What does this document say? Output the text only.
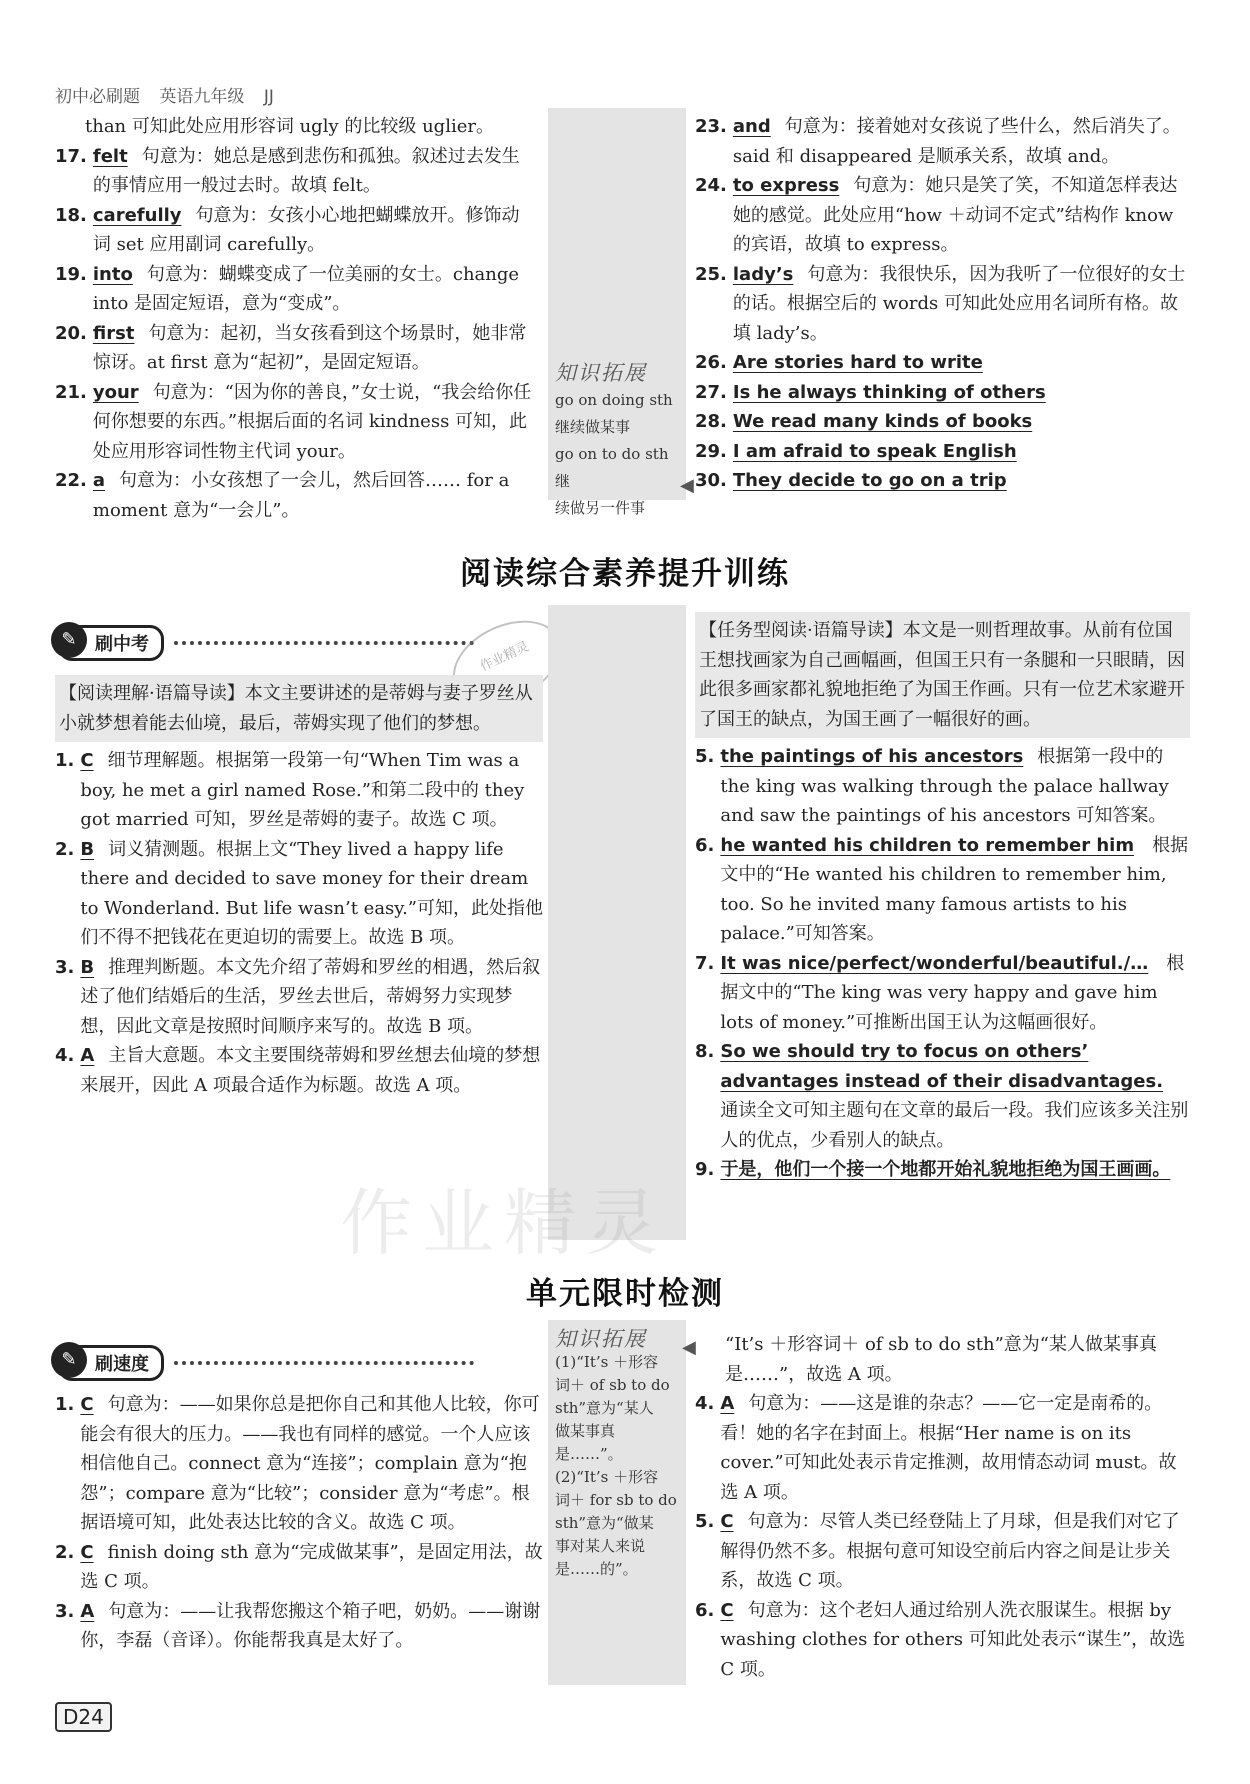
初中必刷题 英语九年级 JJ

than 可知此处应用形容词 ugly 的比较级 uglier。

17. felt 句意为：她总是感到悲伤和孤独。叙述过去发生的事情应用一般过去时。故填 felt。
18. carefully 句意为：女孩小心地把蝴蝶放开。修饰动词 set 应用副词 carefully。
19. into 句意为：蝴蝶变成了一位美丽的女士。change into 是固定短语，意为“变成”。
20. first 句意为：起初，当女孩看到这个场景时，她非常惊讶。at first 意为“起初”，是固定短语。
21. your 句意为：“因为你的善良，”女士说，“我会给你任何你想要的东西。”根据后面的名词 kindness 可知，此处应用形容词性物主代词 your。
22. a 句意为：小女孩想了一会儿，然后回答…… for a moment 意为“一会儿”。
知识拓展
go on doing sth
继续做某事
go on to do sth 继
续做另一件事
◀
23. and 句意为：接着她对女孩说了些什么，然后消失了。said 和 disappeared 是顺承关系，故填 and。
24. to express 句意为：她只是笑了笑，不知道怎样表达她的感觉。此处应用“how ＋动词不定式”结构作 know 的宾语，故填 to express。
25. lady’s 句意为：我很快乐，因为我听了一位很好的女士的话。根据空后的 words 可知此处应用名词所有格。故填 lady’s。
26. Are stories hard to write
27. Is he always thinking of others
28. We read many kinds of books
29. I am afraid to speak English
30. They decide to go on a trip
阅读综合素养提升训练
✎	刷中考	作业精灵

【阅读理解·语篇导读】本文主要讲述的是蒂姆与妻子罗丝从小就梦想着能去仙境，最后，蒂姆实现了他们的梦想。

1. C 细节理解题。根据第一段第一句“When Tim was a boy, he met a girl named Rose.”和第二段中的 they got married 可知，罗丝是蒂姆的妻子。故选 C 项。
2. B 词义猜测题。根据上文“They lived a happy life there and decided to save money for their dream to Wonderland. But life wasn’t easy.”可知，此处指他们不得不把钱花在更迫切的需要上。故选 B 项。
3. B 推理判断题。本文先介绍了蒂姆和罗丝的相遇，然后叙述了他们结婚后的生活，罗丝去世后，蒂姆努力实现梦想，因此文章是按照时间顺序来写的。故选 B 项。
4. A 主旨大意题。本文主要围绕蒂姆和罗丝想去仙境的梦想来展开，因此 A 项最合适作为标题。故选 A 项。

【任务型阅读·语篇导读】本文是一则哲理故事。从前有位国王想找画家为自己画幅画，但国王只有一条腿和一只眼睛，因此很多画家都礼貌地拒绝了为国王作画。只有一位艺术家避开了国王的缺点，为国王画了一幅很好的画。

5. the paintings of his ancestors 根据第一段中的 the king was walking through the palace hallway and saw the paintings of his ancestors 可知答案。
6. he wanted his children to remember him　 根据文中的“He wanted his children to remember him, too. So he invited many famous artists to his palace.”可知答案。
7. It was nice/perfect/wonderful/beautiful./…　 根据文中的“The king was very happy and gave him lots of money.”可推断出国王认为这幅画很好。
8. So we should try to focus on others’ advantages instead of their disadvantages.　通读全文可知主题句在文章的最后一段。我们应该多关注别人的优点，少看别人的缺点。
9. 于是，他们一个接一个地都开始礼貌地拒绝为国王画画。
作业精灵
单元限时检测
✎	刷速度
1. C 句意为：——如果你总是把你自己和其他人比较，你可能会有很大的压力。——我也有同样的感觉。一个人应该相信他自己。connect 意为“连接”；complain 意为“抱怨”；compare 意为“比较”；consider 意为“考虑”。根据语境可知，此处表达比较的含义。故选 C 项。
2. C finish doing sth 意为“完成做某事”，是固定用法，故选 C 项。
3. A 句意为：——让我帮您搬这个箱子吧，奶奶。——谢谢你，李磊（音译）。你能帮我真是太好了。
知识拓展
(1)“It’s ＋形容
词＋ of sb to do
sth”意为“某人
做某事真
是……”。
(2)“It’s ＋形容
词＋ for sb to do
sth”意为“做某
事对某人来说
是……的”。
◀	“It’s ＋形容词＋ of sb to do sth”意为“某人做某事真是……”，故选 A 项。

4. A 句意为：——这是谁的杂志？——它一定是南希的。看！她的名字在封面上。根据“Her name is on its cover.”可知此处表示肯定推测，故用情态动词 must。故选 A 项。
5. C 句意为：尽管人类已经登陆上了月球，但是我们对它了解得仍然不多。根据句意可知设空前后内容之间是让步关系，故选 C 项。
6. C 句意为：这个老妇人通过给别人洗衣服谋生。根据 by washing clothes for others 可知此处表示“谋生”，故选 C 项。
D24
